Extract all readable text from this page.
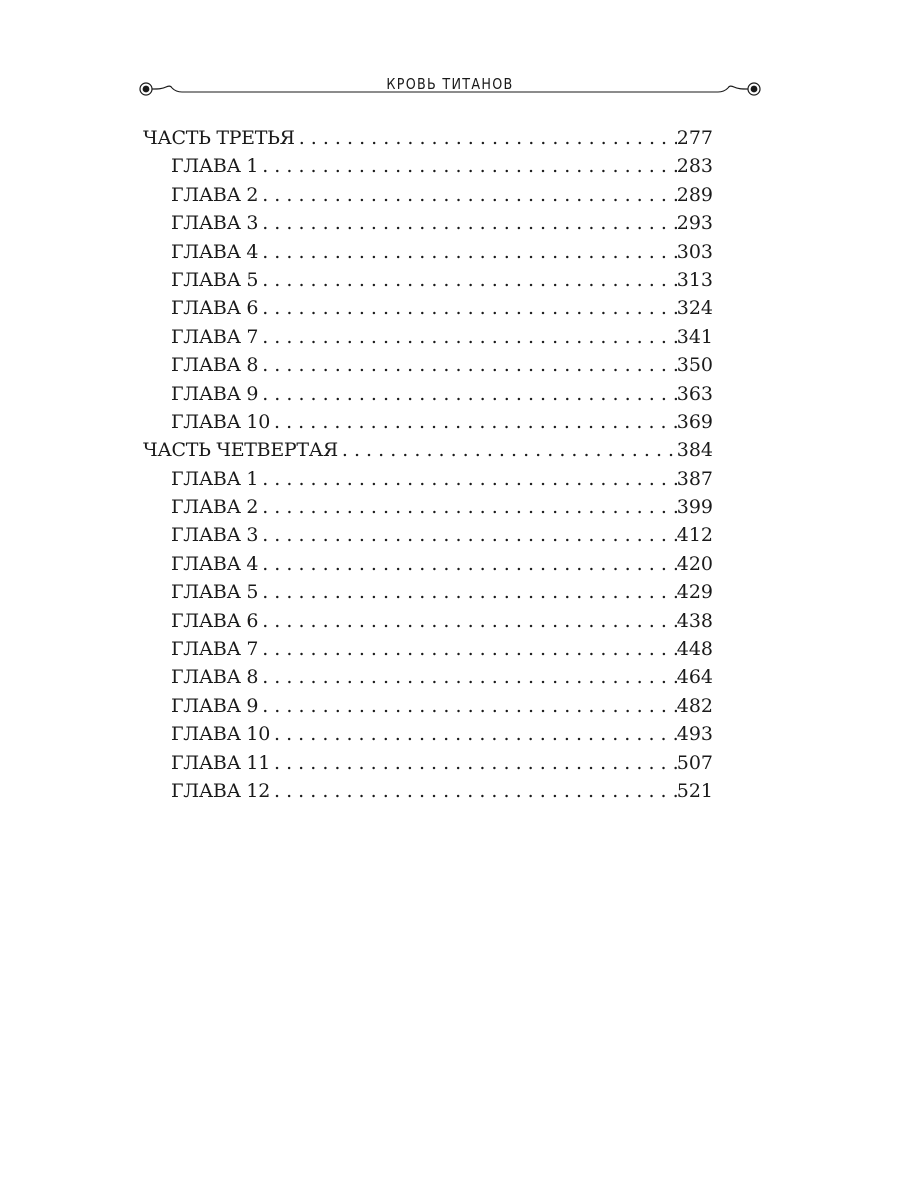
КРОВЬ ТИТАНОВ
ЧАСТЬ ТРЕТЬЯ . . .	277
ГЛАВА 1 . . .	283
ГЛАВА 2 . . .	289
ГЛАВА 3 . . .	293
ГЛАВА 4 . . .	303
ГЛАВА 5 . . .	313
ГЛАВА 6 . . .	324
ГЛАВА 7 . . .	341
ГЛАВА 8 . . .	350
ГЛАВА 9 . . .	363
ГЛАВА 10 . . .	369
ЧАСТЬ ЧЕТВЕРТАЯ . . .	384
ГЛАВА 1 . . .	387
ГЛАВА 2 . . .	399
ГЛАВА 3 . . .	412
ГЛАВА 4 . . .	420
ГЛАВА 5 . . .	429
ГЛАВА 6 . . .	438
ГЛАВА 7 . . .	448
ГЛАВА 8 . . .	464
ГЛАВА 9 . . .	482
ГЛАВА 10 . . .	493
ГЛАВА 11 . . .	507
ГЛАВА 12 . . .	521
